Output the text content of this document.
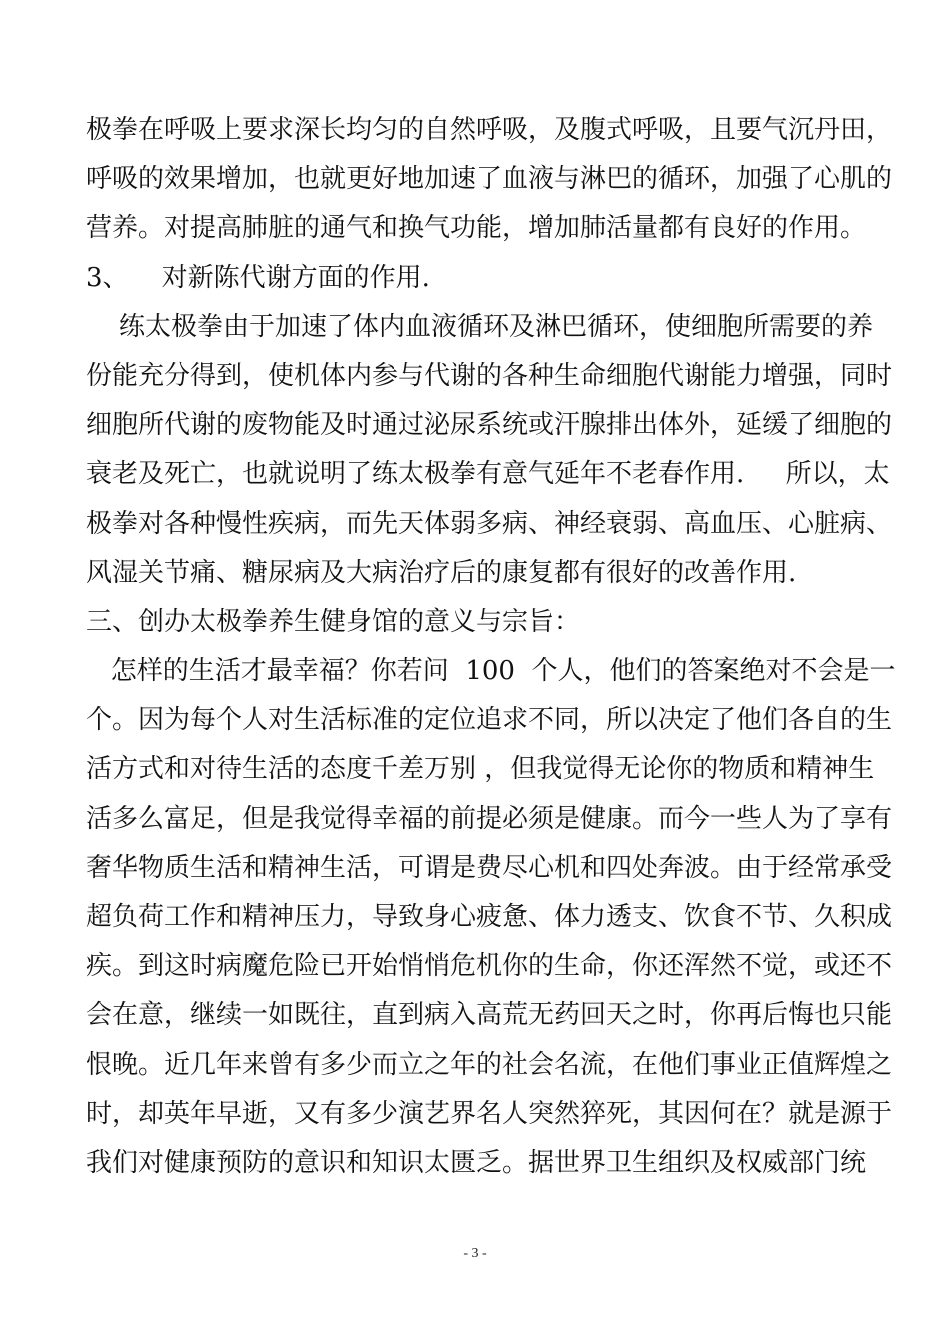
极拳在呼吸上要求深长均匀的自然呼吸，及腹式呼吸，且要气沉丹田，
呼吸的效果增加，也就更好地加速了血液与淋巴的循环，加强了心肌的
营养。对提高肺脏的通气和换气功能，增加肺活量都有良好的作用。
3、    对新陈代谢方面的作用.
练太极拳由于加速了体内血液循环及淋巴循环，使细胞所需要的养
份能充分得到，使机体内参与代谢的各种生命细胞代谢能力增强，同时
细胞所代谢的废物能及时通过泌尿系统或汗腺排出体外，延缓了细胞的
衰老及死亡，也就说明了练太极拳有意气延年不老春作用.     所以，太
极拳对各种慢性疾病，而先天体弱多病、神经衰弱、高血压、心脏病、
风湿关节痛、糖尿病及大病治疗后的康复都有很好的改善作用.
三、创办太极拳养生健身馆的意义与宗旨：
怎样的生活才最幸福？你若问  100  个人，他们的答案绝对不会是一
个。因为每个人对生活标准的定位追求不同，所以决定了他们各自的生
活方式和对待生活的态度千差万别 ，但我觉得无论你的物质和精神生
活多么富足，但是我觉得幸福的前提必须是健康。而今一些人为了享有
奢华物质生活和精神生活，可谓是费尽心机和四处奔波。由于经常承受
超负荷工作和精神压力，导致身心疲惫、体力透支、饮食不节、久积成
疾。到这时病魔危险已开始悄悄危机你的生命，你还浑然不觉，或还不
会在意，继续一如既往，直到病入高荒无药回天之时，你再后悔也只能
恨晚。近几年来曾有多少而立之年的社会名流，在他们事业正值辉煌之
时，却英年早逝，又有多少演艺界名人突然猝死，其因何在？就是源于
我们对健康预防的意识和知识太匮乏。据世界卫生组织及权威部门统
- 3 -
